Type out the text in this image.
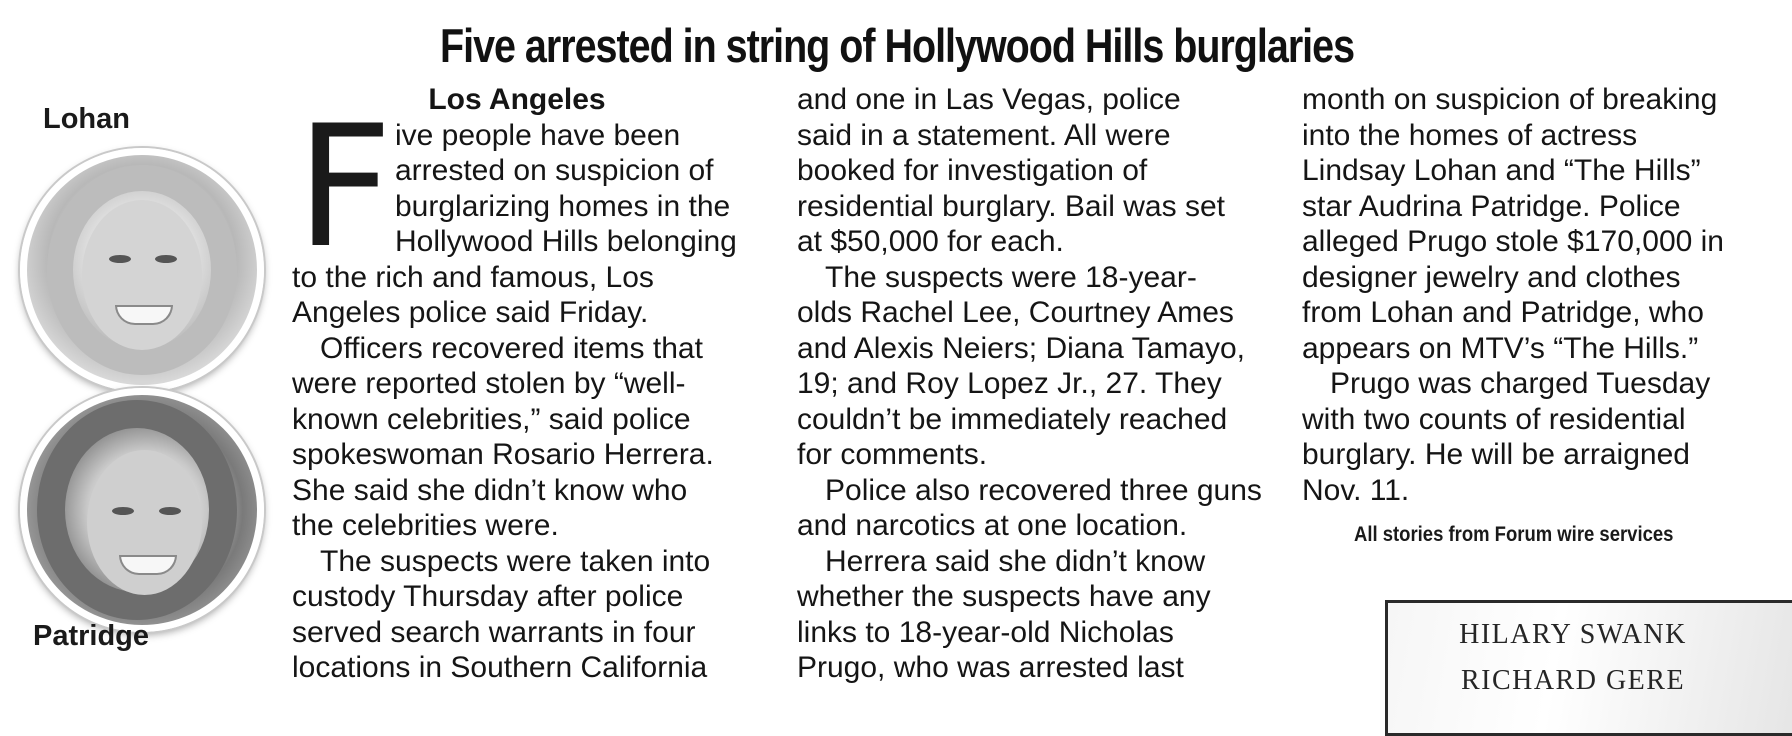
Five arrested in string of Hollywood Hills burglaries
Lohan
Patridge
Los Angeles
F ive people have been
arrested on suspicion of
burglarizing homes in the
Hollywood Hills belonging
to the rich and famous, Los
Angeles police said Friday.
Officers recovered items that
were reported stolen by “well-
known celebrities,” said police
spokeswoman Rosario Herrera.
She said she didn’t know who
the celebrities were.
The suspects were taken into
custody Thursday after police
served search warrants in four
locations in Southern California
and one in Las Vegas, police
said in a statement. All were
booked for investigation of
residential burglary. Bail was set
at $50,000 for each.
The suspects were 18-year-
olds Rachel Lee, Courtney Ames
and Alexis Neiers; Diana Tamayo,
19; and Roy Lopez Jr., 27. They
couldn’t be immediately reached
for comments.
Police also recovered three guns
and narcotics at one location.
Herrera said she didn’t know
whether the suspects have any
links to 18-year-old Nicholas
Prugo, who was arrested last
month on suspicion of breaking
into the homes of actress
Lindsay Lohan and “The Hills”
star Audrina Patridge. Police
alleged Prugo stole $170,000 in
designer jewelry and clothes
from Lohan and Patridge, who
appears on MTV’s “The Hills.”
Prugo was charged Tuesday
with two counts of residential
burglary. He will be arraigned
Nov. 11.
All stories from Forum wire services
HILARY SWANK
RICHARD GERE
